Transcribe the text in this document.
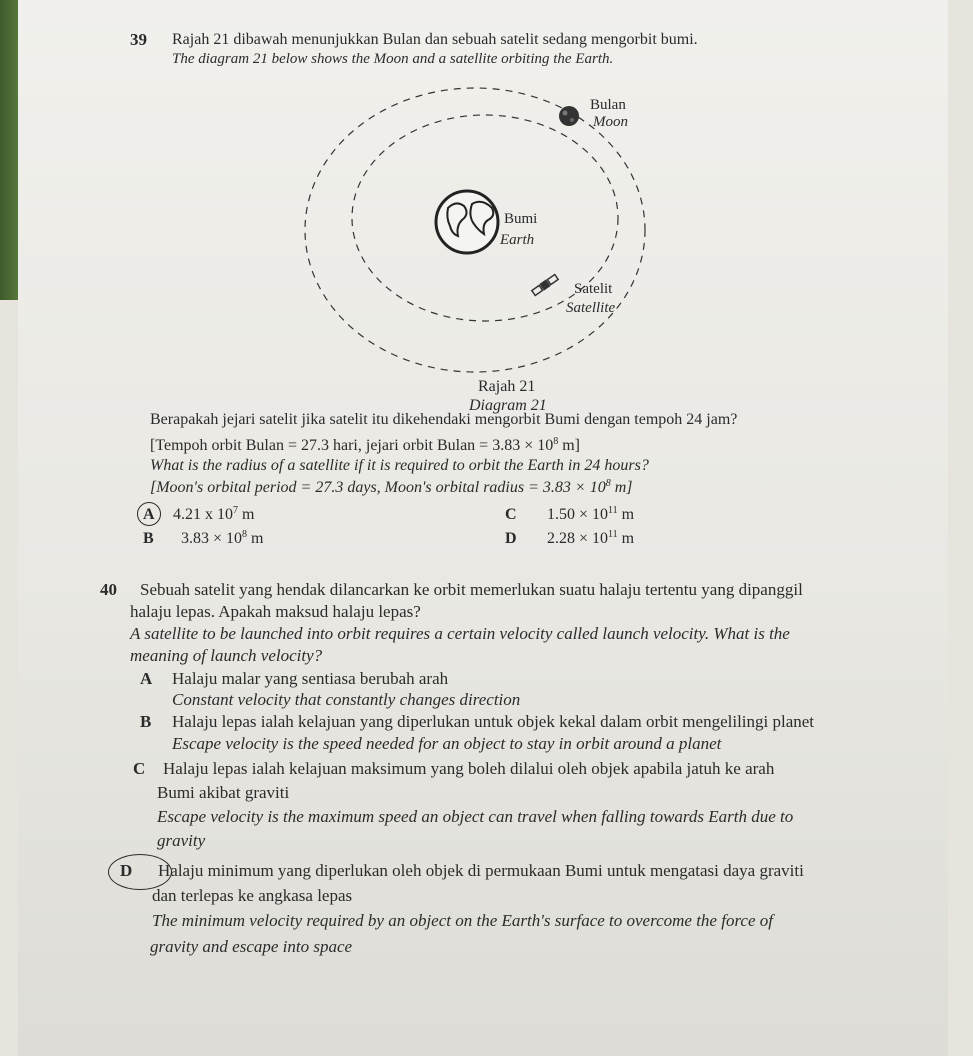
39 Rajah 21 dibawah menunjukkan Bulan dan sebuah satelit sedang mengorbit bumi.
The diagram 21 below shows the Moon and a satellite orbiting the Earth.
Bulan
Moon
Bumi
Earth
Satelit
Satellite
Rajah 21
Diagram 21
Berapakah jejari satelit jika satelit itu dikehendaki mengorbit Bumi dengan tempoh 24 jam?
[Tempoh orbit Bulan = 27.3 hari, jejari orbit Bulan = $3.83 \times 10^8$ m]
What is the radius of a satellite if it is required to orbit the Earth in 24 hours?
[Moon's orbital period = 27.3 days, Moon's orbital radius = $3.83 \times 10^8$ m]
A 4.21 x $10^7$ m
B $3.83 \times 10^8$ m
C $1.50 \times 10^{11}$ m
D $2.28 \times 10^{11}$ m
40 Sebuah satelit yang hendak dilancarkan ke orbit memerlukan suatu halaju tertentu yang dipanggil
halaju lepas. Apakah maksud halaju lepas?
A satellite to be launched into orbit requires a certain velocity called launch velocity. What is the
meaning of launch velocity?
A Halaju malar yang sentiasa berubah arah
Constant velocity that constantly changes direction
B Halaju lepas ialah kelajuan yang diperlukan untuk objek kekal dalam orbit mengelilingi planet
Escape velocity is the speed needed for an object to stay in orbit around a planet
C Halaju lepas ialah kelajuan maksimum yang boleh dilalui oleh objek apabila jatuh ke arah
Bumi akibat graviti
Escape velocity is the maximum speed an object can travel when falling towards Earth due to
gravity
D Halaju minimum yang diperlukan oleh objek di permukaan Bumi untuk mengatasi daya graviti
dan terlepas ke angkasa lepas
The minimum velocity required by an object on the Earth's surface to overcome the force of
gravity and escape into space
